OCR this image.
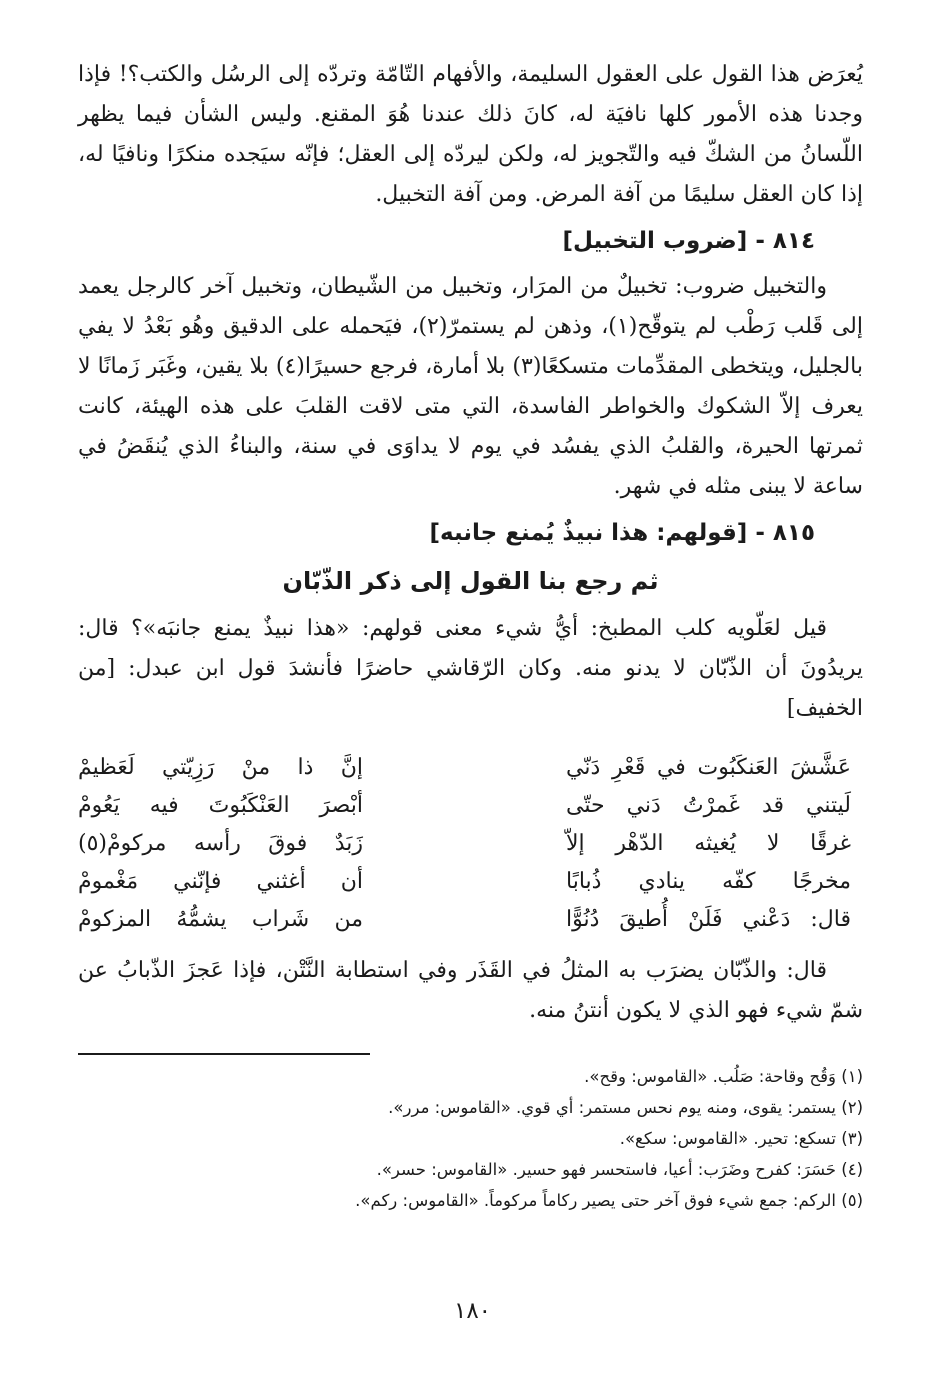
يُعرَض هذا القول على العقول السليمة، والأفهام التّامّة وتردّه إلى الرسُل والكتب؟! فإذا وجدنا هذه الأمور كلها نافيَة له، كانَ ذلك عندنا هُوَ المقنع. وليس الشأن فيما يظهر اللّسانُ من الشكّ فيه والتّجويز له، ولكن ليردّه إلى العقل؛ فإنّه سيَجده منكرًا ونافيًا له، إذا كان العقل سليمًا من آفة المرض. ومن آفة التخبيل.

٨١٤ - [ضروب التخبيل]

والتخبيل ضروب: تخبيلٌ من المرَار، وتخبيل من الشّيطان، وتخبيل آخر كالرجل يعمد إلى قَلب رَطْب لم يتوقّح(١)، وذهن لم يستمرّ(٢)، فيَحمله على الدقيق وهُو بَعْدُ لا يفي بالجليل، ويتخطى المقدِّمات متسكعًا(٣) بلا أمارة، فرجع حسيرًا(٤) بلا يقين، وغَبَر زَمانًا لا يعرف إلاّ الشكوك والخواطر الفاسدة، التي متى لاقت القلبَ على هذه الهيئة، كانت ثمرتها الحيرة، والقلبُ الذي يفسُد في يوم لا يداوَى في سنة، والبناءُ الذي يُنقَضُ في ساعة لا يبنى مثله في شهر.

٨١٥ - [قولهم: هذا نبيذٌ يُمنع جانبه]
ثم رجع بنا القول إلى ذكر الذّبّان

قيل لعَلّويه كلب المطبخ: أيُّ شيء معنى قولهم: «هذا نبيذٌ يمنع جانبَه»؟ قال: يريدُونَ أن الذّبّان لا يدنو منه. وكان الرّقاشي حاضرًا فأنشدَ قول ابن عبدل: [من الخفيف]

عَشَّشَ العَنكَبُوت في قَعْرِ دَنّي
إنَّ ذا منْ رَزِيّتي لَعَظيمْ
لَيتني قد غَمرْتُ دَني حتّى
أبْصرَ العَنْكَبُوتَ فيه يَعُومْ
غرقًا لا يُغيثه الدّهْر إلاّ
زَبَدٌ فوقَ رأسه مركومْ(٥)
مخرجًا كفّه ينادي ذُبابًا
أن أغثني فإنّني مَغْمومْ
قال: دَعْني فَلَنْ أُطيقَ دُنُوًّا
من شَراب يشمُّهُ المزكومْ

قال: والذّبّان يضرَب به المثلُ في القَذَر وفي استطابة النَّتْن، فإذا عَجزَ الذّبابُ عن شمّ شيء فهو الذي لا يكون أنتنُ منه.

(١) وَقُح وقاحة: صَلُب. «القاموس: وقح».

(٢) يستمر: يقوى، ومنه يوم نحس مستمر: أي قوي. «القاموس: مرر».

(٣) تسكع: تحير. «القاموس: سكع».

(٤) حَسَرَ: كفرح وضَرَب: أعيا، فاستحسر فهو حسير. «القاموس: حسر».

(٥) الركم: جمع شيء فوق آخر حتى يصير ركاماً مركوماً. «القاموس: ركم».

١٨٠
